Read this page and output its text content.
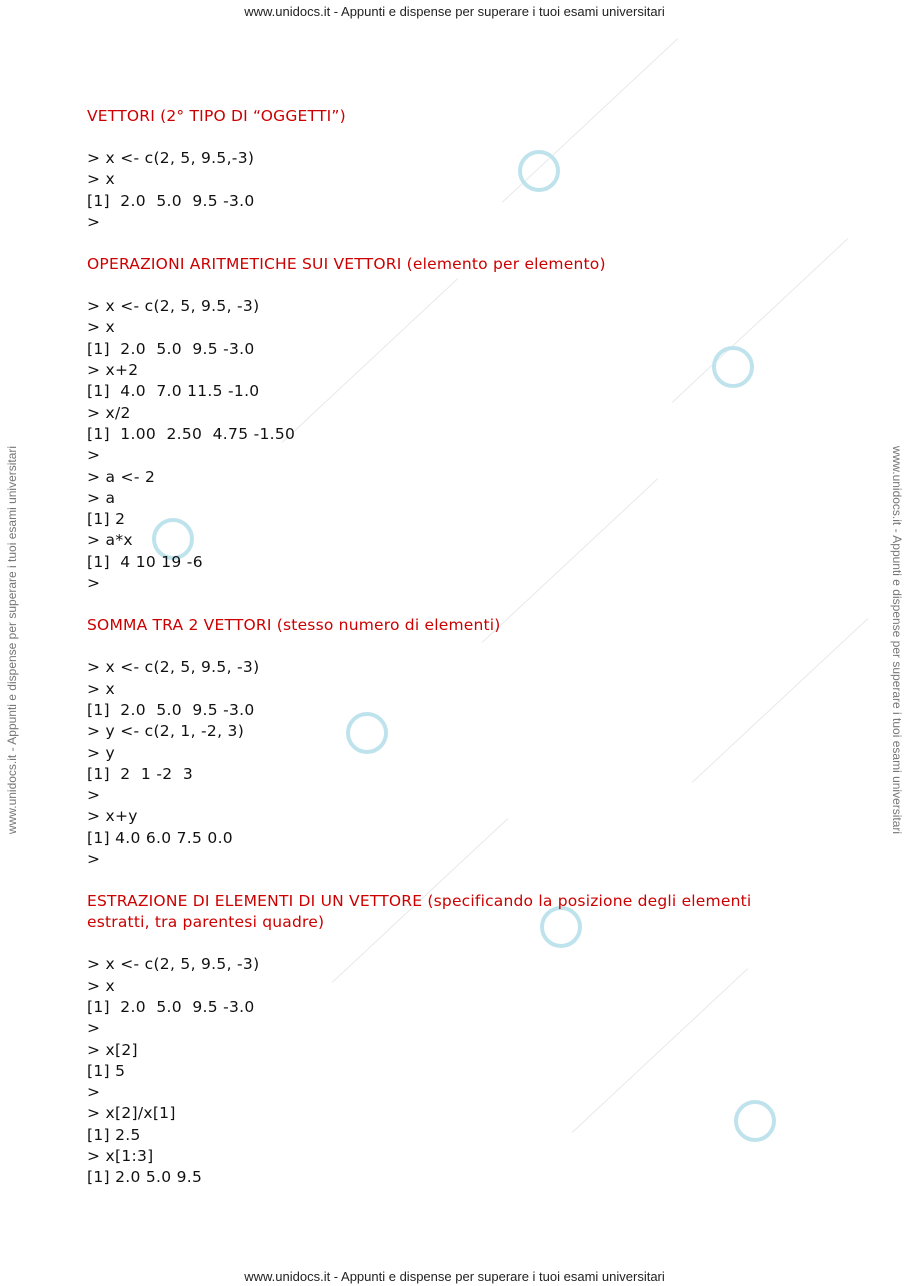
www.unidocs.it - Appunti e dispense per superare i tuoi esami universitari
www.unidocs.it - Appunti e dispense per superare i tuoi esami universitari
www.unidocs.it - Appunti e dispense per superare i tuoi esami universitari	www.unidocs.it - Appunti e dispense per superare i tuoi esami universitari
VETTORI (2° TIPO DI “OGGETTI”)
> x <- c(2, 5, 9.5,-3)
> x
[1]  2.0  5.0  9.5 -3.0
>
OPERAZIONI ARITMETICHE SUI VETTORI (elemento per elemento)
> x <- c(2, 5, 9.5, -3)
> x
[1]  2.0  5.0  9.5 -3.0
> x+2
[1]  4.0  7.0 11.5 -1.0
> x/2
[1]  1.00  2.50  4.75 -1.50
>
> a <- 2
> a
[1] 2
> a*x
[1]  4 10 19 -6
>
SOMMA TRA 2 VETTORI (stesso numero di elementi)
> x <- c(2, 5, 9.5, -3)
> x
[1]  2.0  5.0  9.5 -3.0
> y <- c(2, 1, -2, 3)
> y
[1]  2  1 -2  3
>
> x+y
[1] 4.0 6.0 7.5 0.0
>
ESTRAZIONE DI ELEMENTI DI UN VETTORE (specificando la posizione degli elementi estratti, tra parentesi quadre)
> x <- c(2, 5, 9.5, -3)
> x
[1]  2.0  5.0  9.5 -3.0
>
> x[2]
[1] 5
>
> x[2]/x[1]
[1] 2.5
> x[1:3]
[1] 2.0 5.0 9.5
